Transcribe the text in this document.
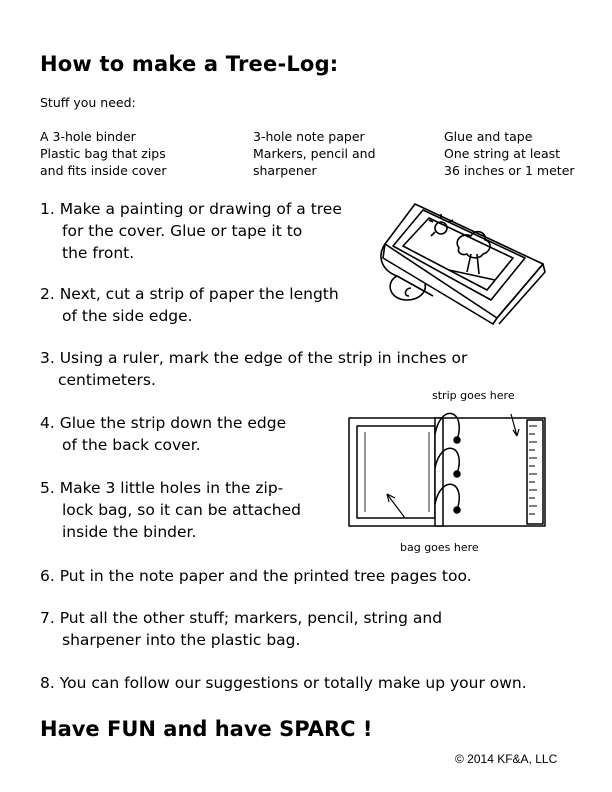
How to make a Tree-Log:
Stuff you need:
A 3-hole binder
Plastic bag that zips
and fits inside cover
3-hole note paper
Markers, pencil and
sharpener
Glue and tape
One string at least
36 inches or 1 meter
1. Make a painting or drawing of a tree
for the cover. Glue or tape it to
the front.
2. Next, cut a strip of paper the length
of the side edge.
3. Using a ruler, mark the edge of the strip in inches or
centimeters.
4. Glue the strip down the edge
of the back cover.
5. Make 3 little holes in the zip-
lock bag, so it can be attached
inside the binder.
6. Put in the note paper and the printed tree pages too.
7. Put all the other stuff; markers, pencil, string and
sharpener into the plastic bag.
8. You can follow our suggestions or totally make up your own.
strip goes here
bag goes here
Have FUN and have SPARC !
© 2014 KF&A, LLC
